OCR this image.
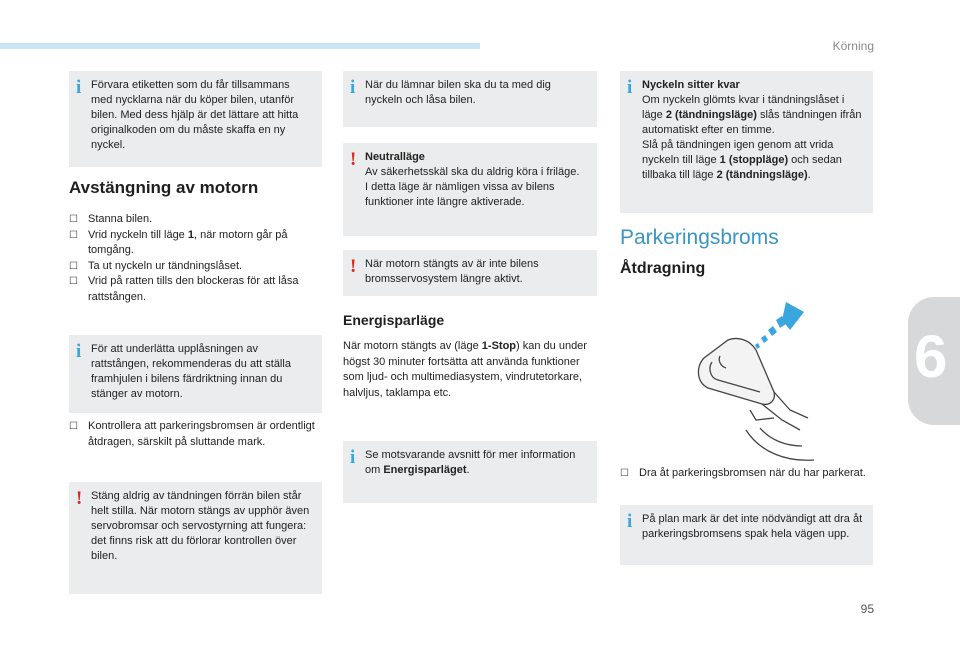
Körning
6
i Förvara etiketten som du får tillsammans med nycklarna när du köper bilen, utanför bilen. Med dess hjälp är det lättare att hitta originalkoden om du måste skaffa en ny nyckel.

Avstängning av motorn
☐ Stanna bilen.
☐ Vrid nyckeln till läge 1, när motorn går på tomgång.
☐ Ta ut nyckeln ur tändningslåset.
☐ Vrid på ratten tills den blockeras för att låsa rattstången.
i För att underlätta upplåsningen av rattstången, rekommenderas du att ställa framhjulen i bilens färdriktning innan du stänger av motorn.

☐ Kontrollera att parkeringsbromsen är ordentligt åtdragen, särskilt på sluttande mark.
! Stäng aldrig av tändningen förrän bilen står helt stilla. När motorn stängs av upphör även servobromsar och servostyrning att fungera: det finns risk att du förlorar kontrollen över bilen.

i När du lämnar bilen ska du ta med dig nyckeln och låsa bilen.

! Neutralläge

Av säkerhetsskäl ska du aldrig köra i friläge.

I detta läge är nämligen vissa av bilens funktioner inte längre aktiverade.

! När motorn stängts av är inte bilens bromsservosystem längre aktivt.

Energisparläge

När motorn stängts av (läge 1-Stop) kan du under högst 30 minuter fortsätta att använda funktioner som ljud- och multimediasystem, vindrutetorkare, halvljus, taklampa etc.

i Se motsvarande avsnitt för mer information om Energisparläget.

i Nyckeln sitter kvar

Om nyckeln glömts kvar i tändningslåset i läge 2 (tändningsläge) slås tändningen ifrån automatiskt efter en timme.

Slå på tändningen igen genom att vrida nyckeln till läge 1 (stoppläge) och sedan tillbaka till läge 2 (tändningsläge).

Parkeringsbroms
Åtdragning
☐ Dra åt parkeringsbromsen när du har parkerat.
i På plan mark är det inte nödvändigt att dra åt parkeringsbromsens spak hela vägen upp.

95
